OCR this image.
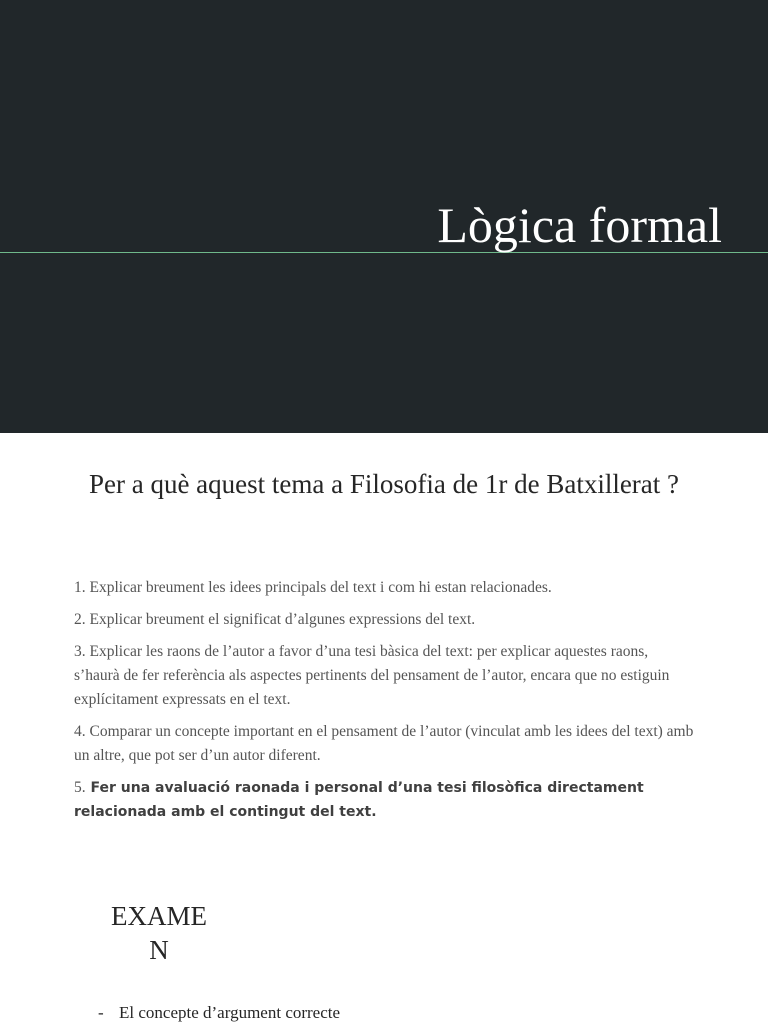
Lògica formal
Per a què aquest tema a Filosofia de 1r de Batxillerat ?

1. Explicar breument les idees principals del text i com hi estan relacionades.

2. Explicar breument el significat d’algunes expressions del text.

3. Explicar les raons de l’autor a favor d’una tesi bàsica del text: per explicar aquestes raons, s’haurà de fer referència als aspectes pertinents del pensament de l’autor, encara que no estiguin explícitament expressats en el text.

4. Comparar un concepte important en el pensament de l’autor (vinculat amb les idees del text) amb un altre, que pot ser d’un autor diferent.

5. Fer una avaluació raonada i personal d’una tesi filosòfica directament relacionada amb el contingut del text.

EXAMEN
- El concepte d’argument correcte
